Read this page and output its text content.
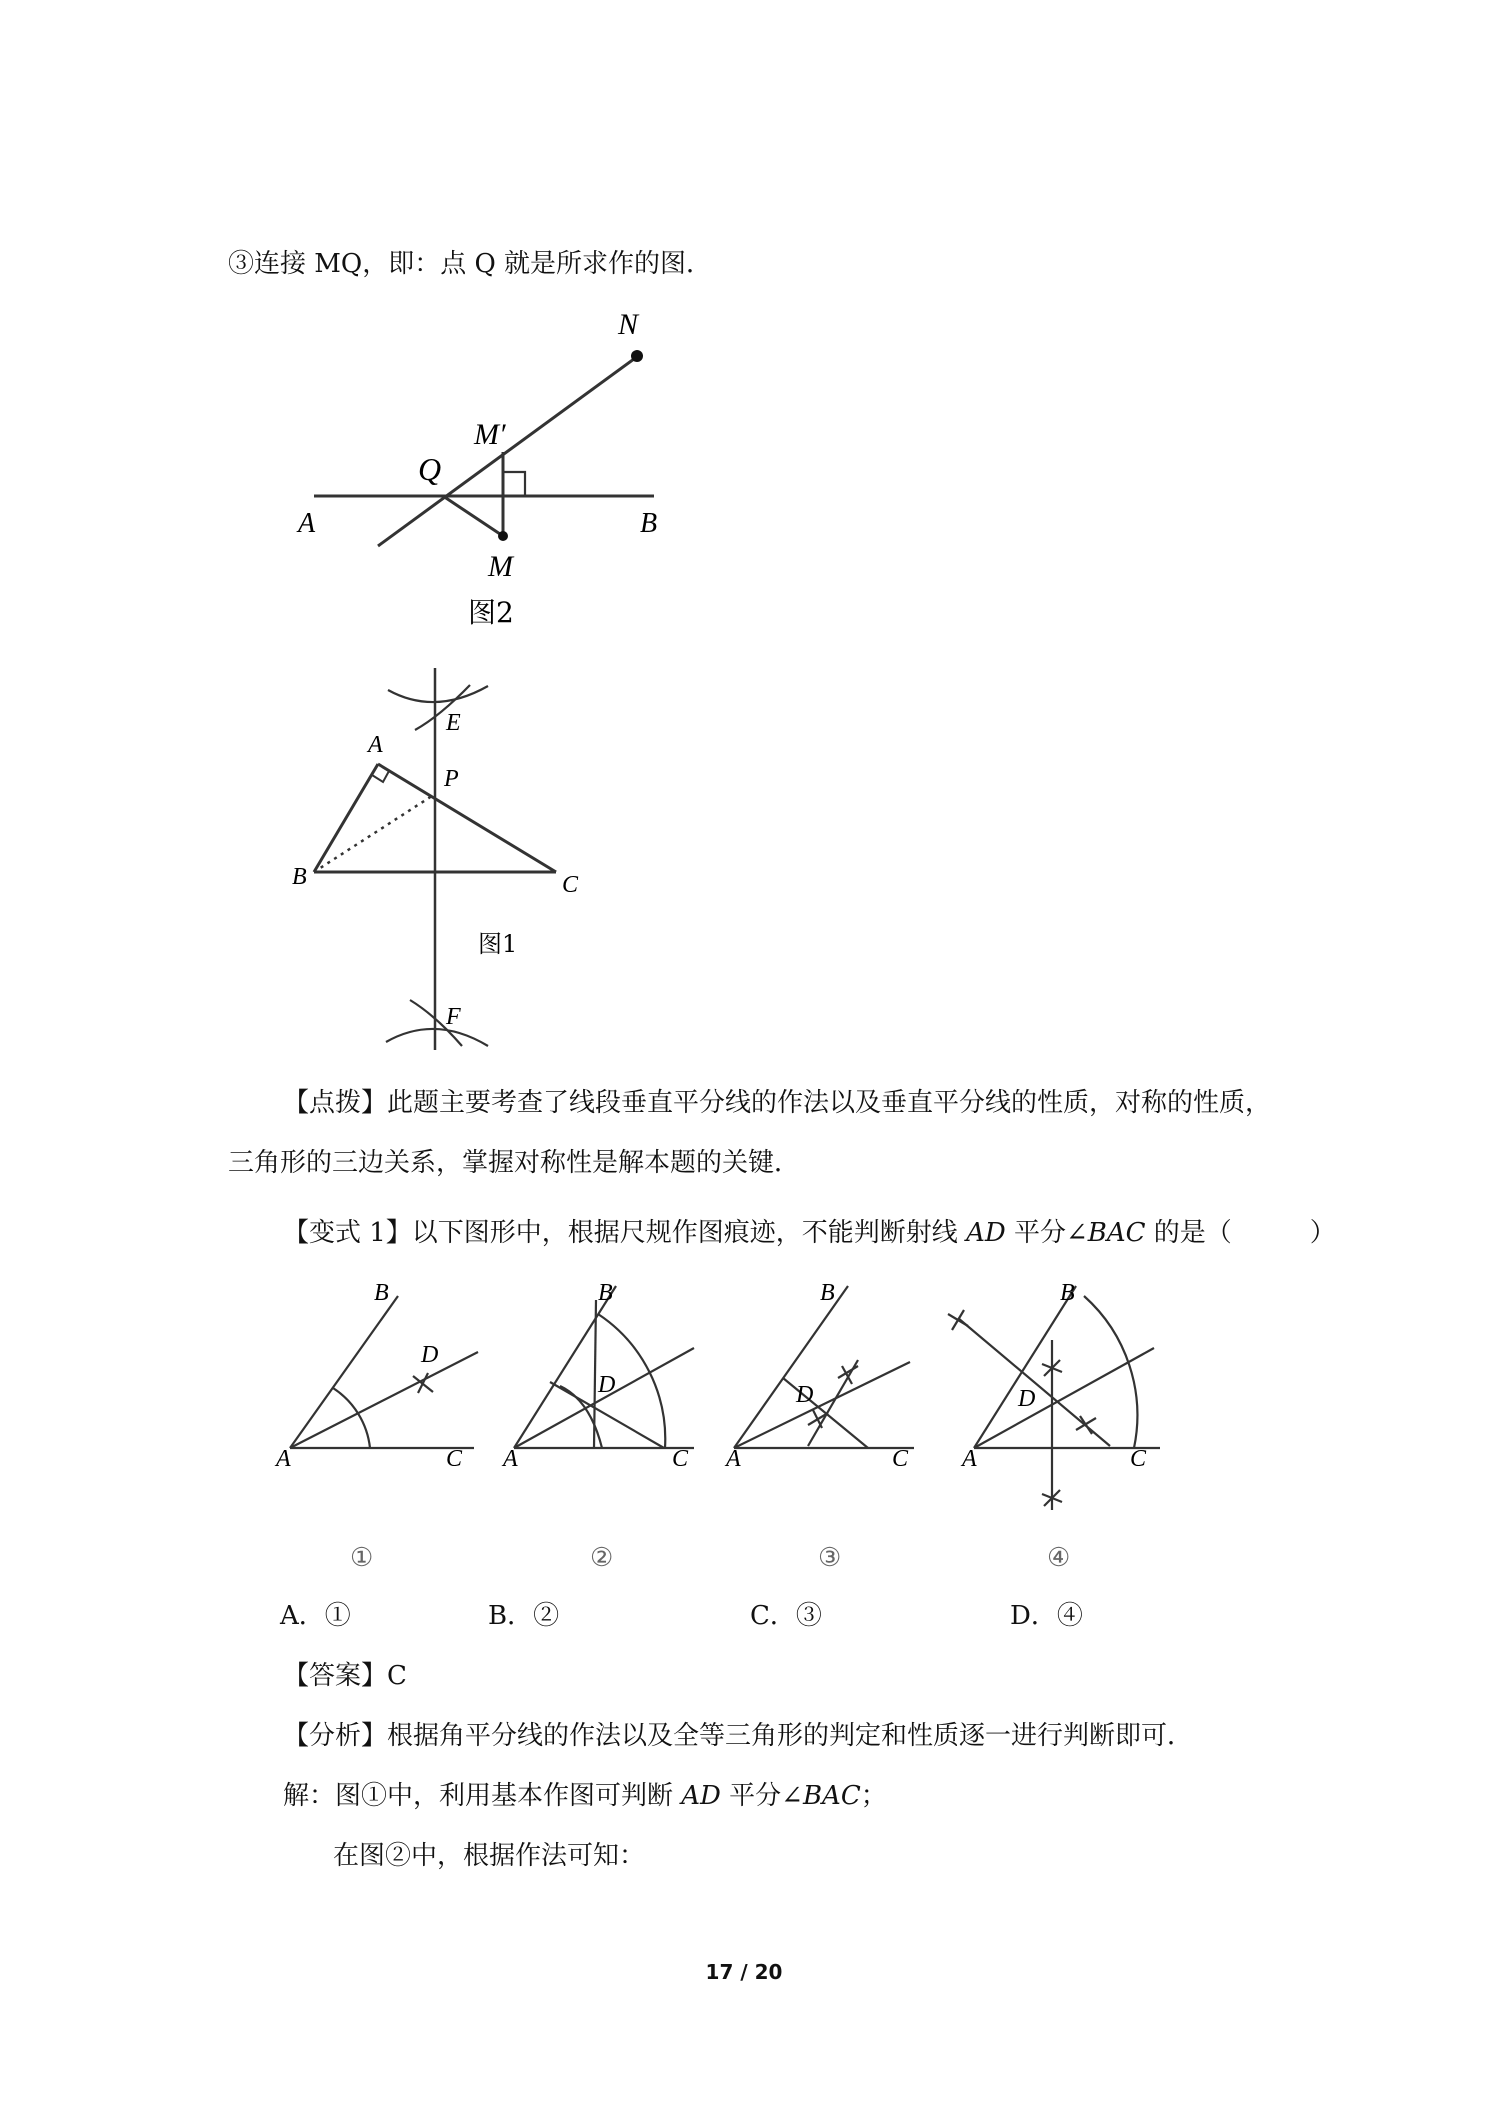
③连接 MQ，即：点 Q 就是所求作的图．
【点拨】此题主要考查了线段垂直平分线的作法以及垂直平分线的性质，对称的性质，
三角形的三边关系，掌握对称性是解本题的关键．
【变式 1】以下图形中，根据尺规作图痕迹，不能判断射线 AD 平分∠BAC 的是（　　　）
A．①	B．②	C．③	D．④
【答案】C
【分析】根据角平分线的作法以及全等三角形的判定和性质逐一进行判断即可．
解：图①中，利用基本作图可判断 AD 平分∠BAC；
在图②中，根据作法可知：
17 / 20
N
M′
Q
A	B
M
图2
E
A
P
B	C
图1
F
B
D
A	C
B
D
A	C
B
D
A	C
B
D
A	C
①	②	③	④
